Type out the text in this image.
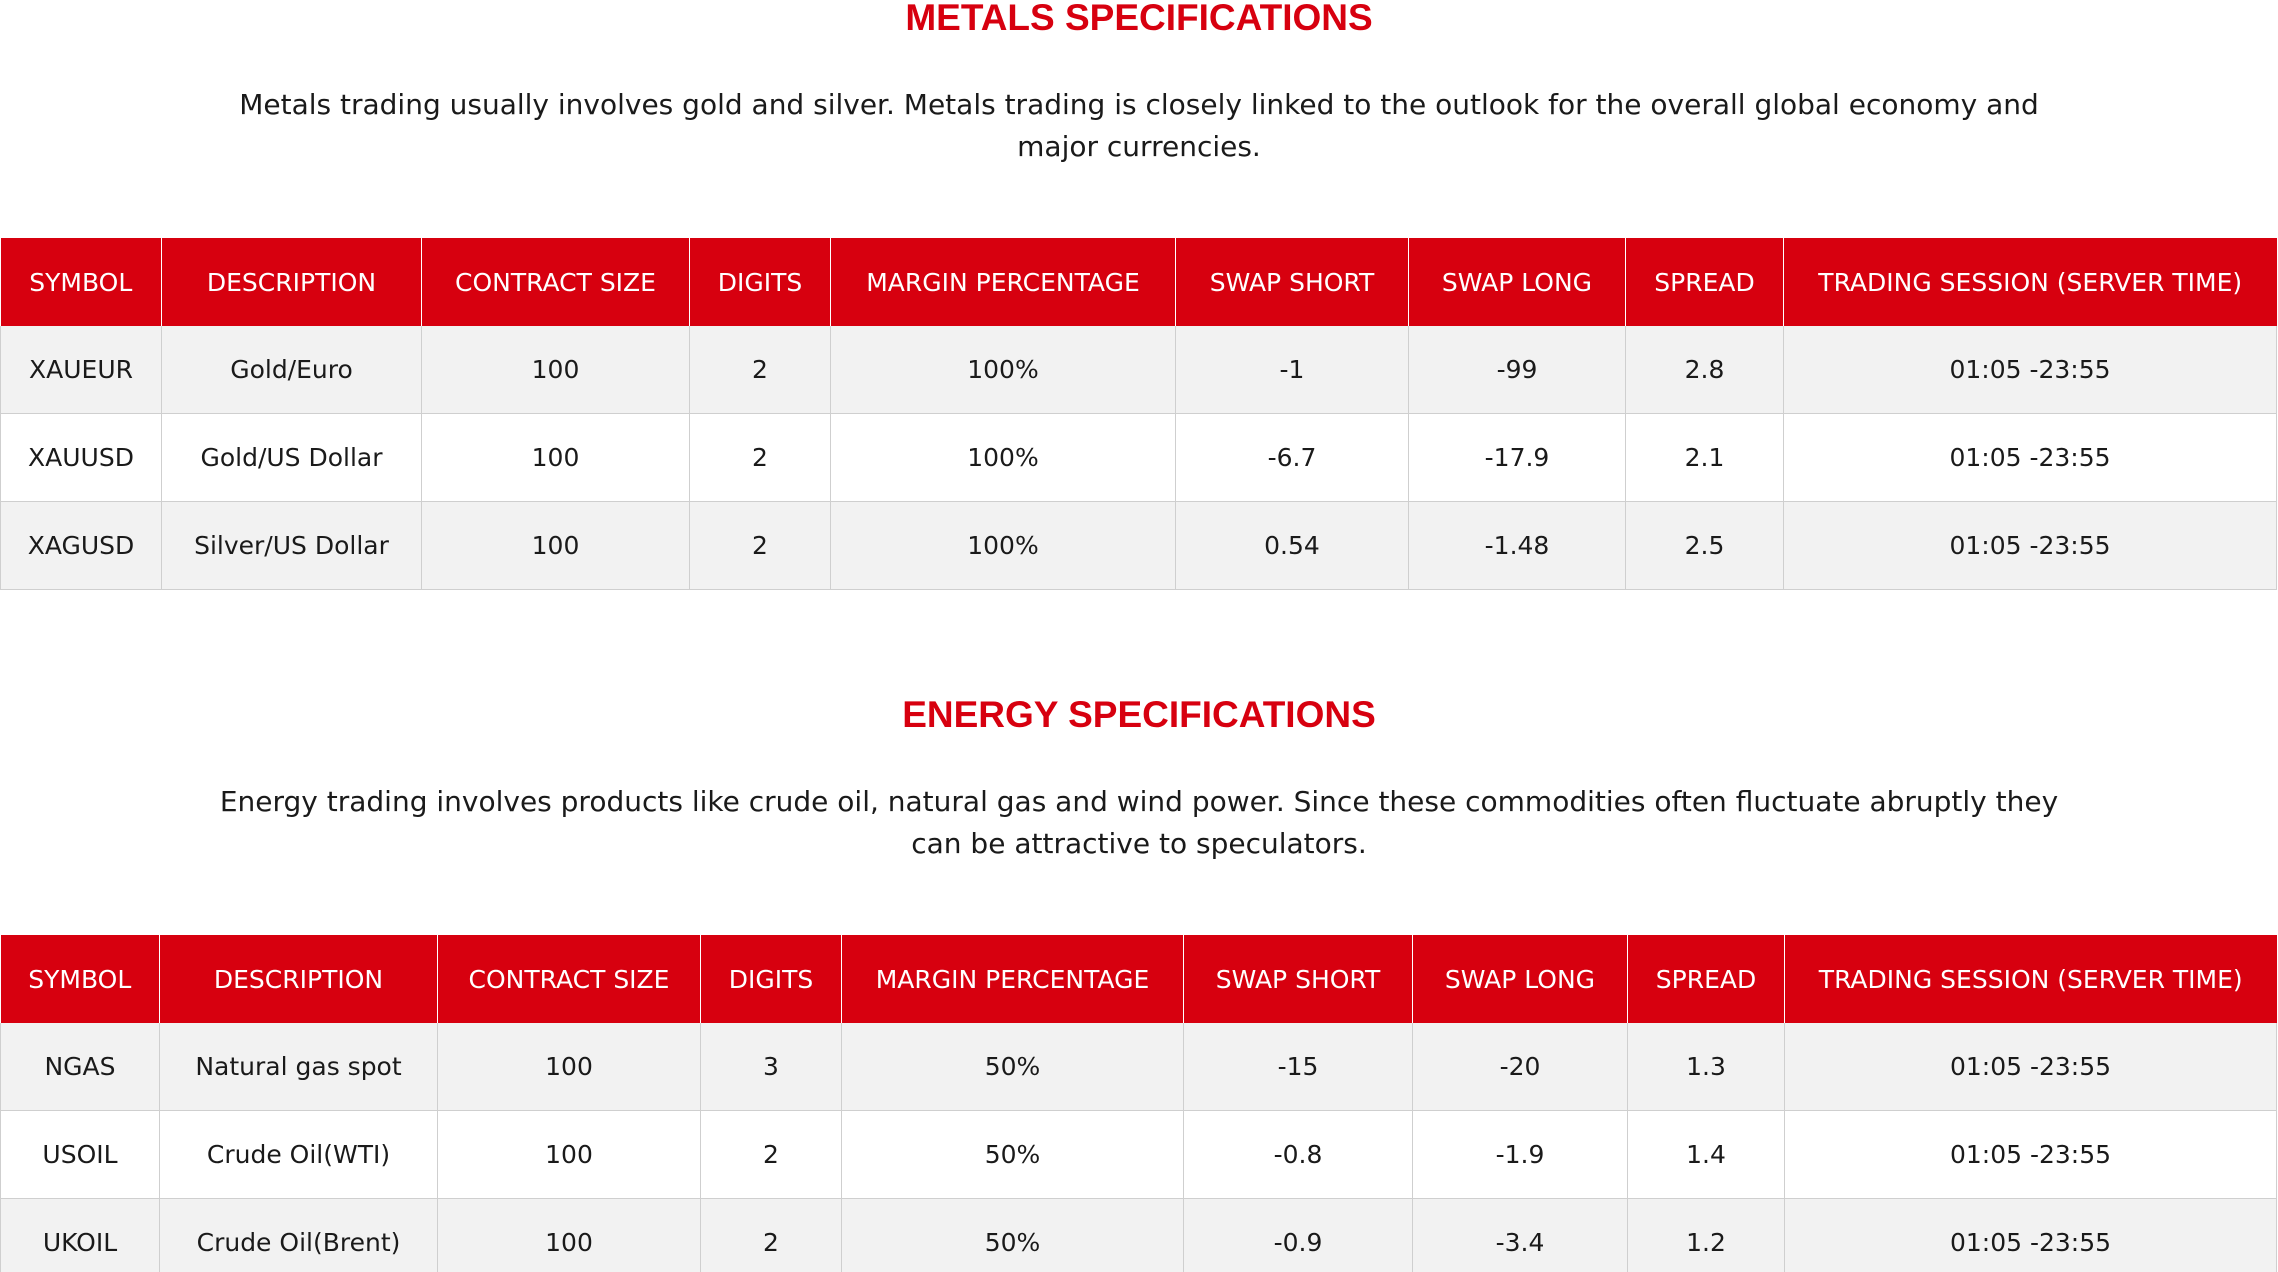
METALS SPECIFICATIONS

Metals trading usually involves gold and silver. Metals trading is closely linked to the outlook for the overall global economy and
major currencies.

SYMBOL	DESCRIPTION	CONTRACT SIZE	DIGITS	MARGIN PERCENTAGE	SWAP SHORT	SWAP LONG	SPREAD	TRADING SESSION (SERVER TIME)
XAUEUR	Gold/Euro	100	2	100%	-1	-99	2.8	01:05 -23:55
XAUUSD	Gold/US Dollar	100	2	100%	-6.7	-17.9	2.1	01:05 -23:55
XAGUSD	Silver/US Dollar	100	2	100%	0.54	-1.48	2.5	01:05 -23:55
ENERGY SPECIFICATIONS

Energy trading involves products like crude oil, natural gas and wind power. Since these commodities often fluctuate abruptly they
can be attractive to speculators.

SYMBOL	DESCRIPTION	CONTRACT SIZE	DIGITS	MARGIN PERCENTAGE	SWAP SHORT	SWAP LONG	SPREAD	TRADING SESSION (SERVER TIME)
NGAS	Natural gas spot	100	3	50%	-15	-20	1.3	01:05 -23:55
USOIL	Crude Oil(WTI)	100	2	50%	-0.8	-1.9	1.4	01:05 -23:55
UKOIL	Crude Oil(Brent)	100	2	50%	-0.9	-3.4	1.2	01:05 -23:55
